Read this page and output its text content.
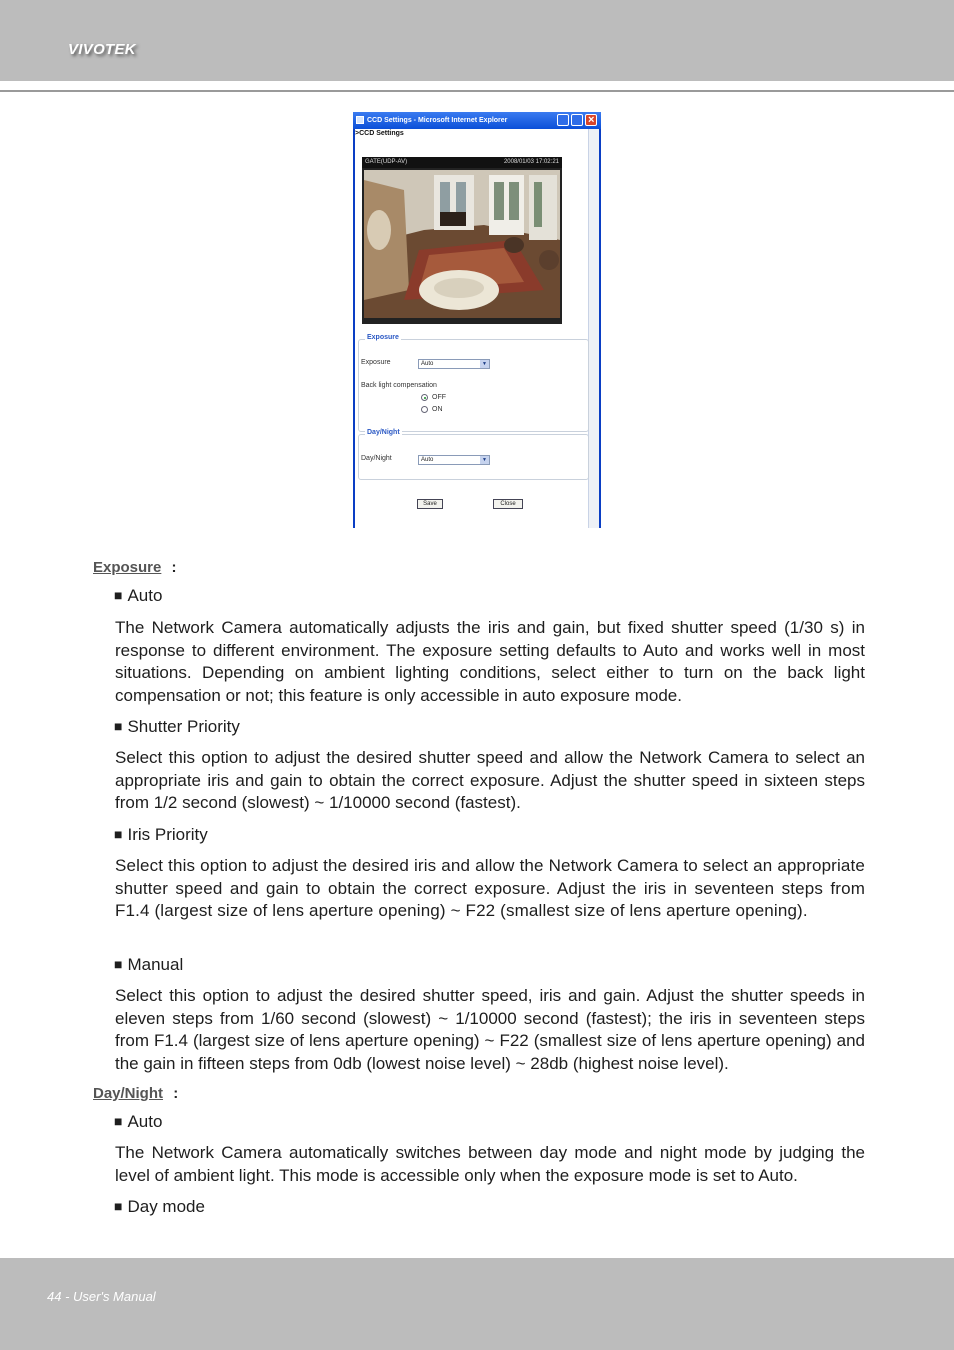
VIVOTEK
CCD Settings - Microsoft Internet Explorer
×
>CCD Settings
GATE(UDP-AV)	2008/01/03 17:02:21
Exposure
Exposure	Auto	▼
Back light compensation
OFF
ON
Day/Night
Day/Night	Auto	▼
Save	Close
Exposure :
■ Auto
The Network Camera automatically adjusts the iris and gain, but fixed shutter speed (1/30 s) in response to different environment. The exposure setting defaults to Auto and works well in most situations. Depending on ambient lighting conditions, select either to turn on the back light compensation or not; this feature is only accessible in auto exposure mode.
■ Shutter Priority
Select this option to adjust the desired shutter speed and allow the Network Camera to select an appropriate iris and gain to obtain the correct exposure. Adjust the shutter speed in sixteen steps from 1/2 second (slowest) ~ 1/10000 second (fastest).
■ Iris Priority
Select this option to adjust the desired iris and allow the Network Camera to select an appropriate shutter speed and gain to obtain the correct exposure. Adjust the iris in seventeen steps from F1.4 (largest size of lens aperture opening) ~ F22 (smallest size of lens aperture opening).
■ Manual
Select this option to adjust the desired shutter speed, iris and gain. Adjust the shutter speeds in eleven steps from 1/60 second (slowest) ~ 1/10000 second (fastest); the iris in seventeen steps from F1.4 (largest size of lens aperture opening) ~ F22 (smallest size of lens aperture opening) and the gain in fifteen steps from 0db (lowest noise level) ~ 28db (highest noise level).
Day/Night :
■ Auto
The Network Camera automatically switches between day mode and night mode by judging the level of ambient light. This mode is accessible only when the exposure mode is set to Auto.
■ Day mode
44 - User's Manual
